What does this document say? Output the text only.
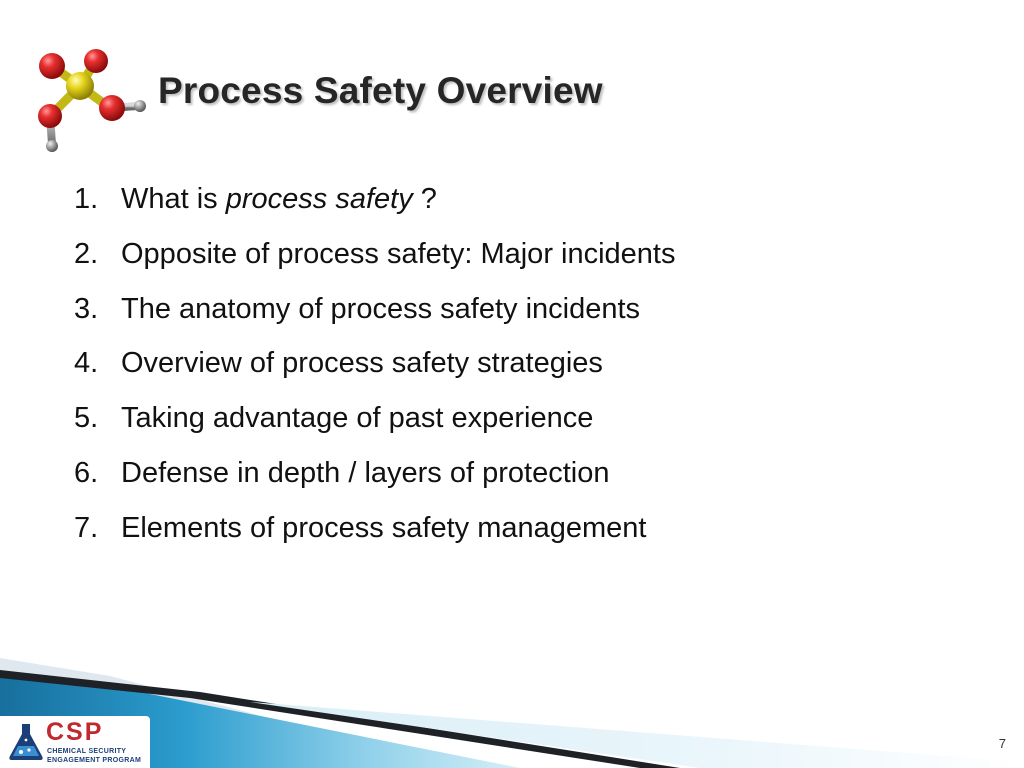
Process Safety Overview
1. What is process safety ?
2. Opposite of process safety: Major incidents
3. The anatomy of process safety incidents
4. Overview of process safety strategies
5. Taking advantage of past experience
6. Defense in depth / layers of protection
7. Elements of process safety management
CSP
CHEMICAL SECURITY
ENGAGEMENT PROGRAM
7
